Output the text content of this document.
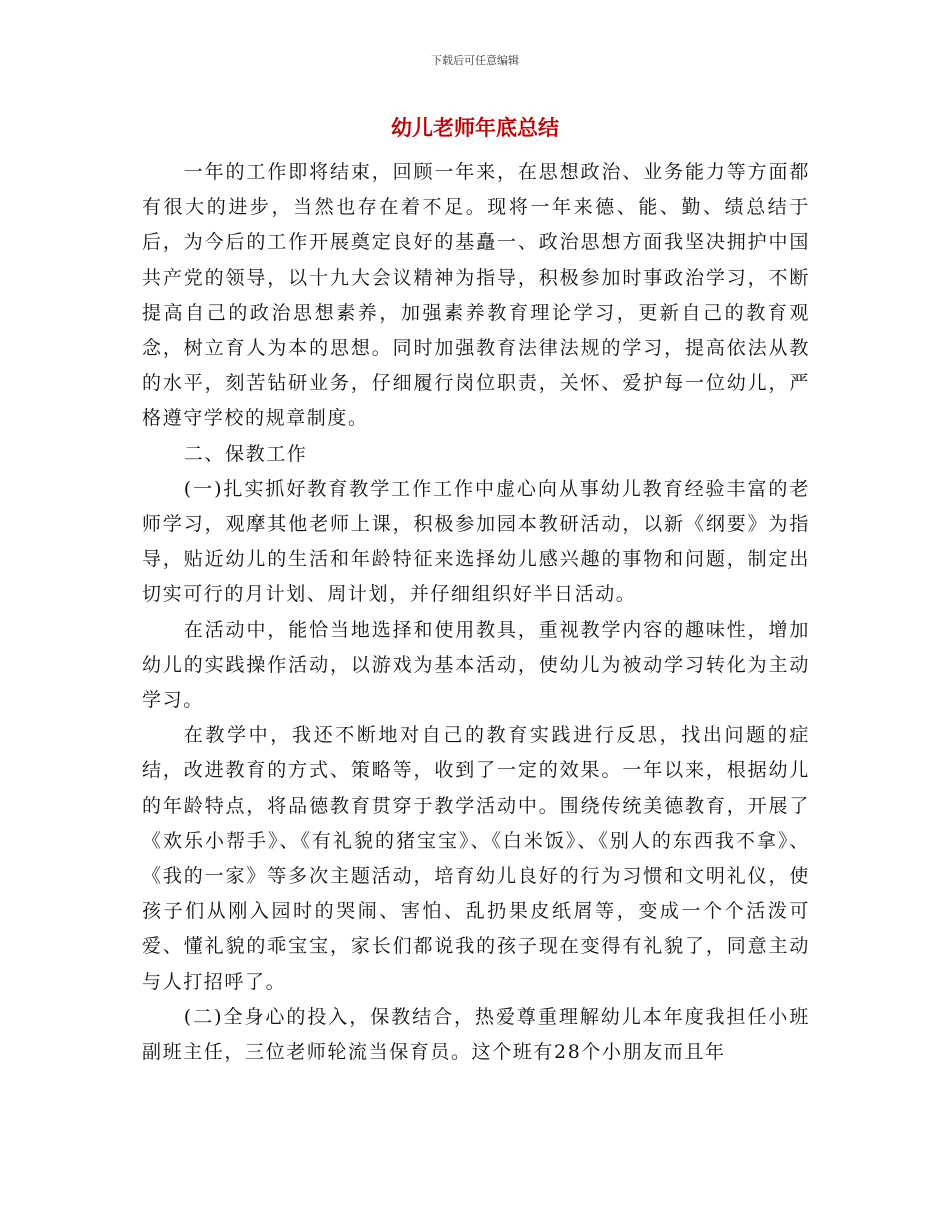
下载后可任意编辑
幼儿老师年底总结

一年的工作即将结束，回顾一年来，在思想政治、业务能力等方面都有很大的进步，当然也存在着不足。现将一年来德、能、勤、绩总结于后，为今后的工作开展奠定良好的基矗一、政治思想方面我坚决拥护中国共产党的领导，以十九大会议精神为指导，积极参加时事政治学习，不断提高自己的政治思想素养，加强素养教育理论学习，更新自己的教育观念，树立育人为本的思想。同时加强教育法律法规的学习，提高依法从教的水平，刻苦钻研业务，仔细履行岗位职责，关怀、爱护每一位幼儿，严格遵守学校的规章制度。

二、保教工作

(一)扎实抓好教育教学工作工作中虚心向从事幼儿教育经验丰富的老师学习，观摩其他老师上课，积极参加园本教研活动，以新《纲要》为指导，贴近幼儿的生活和年龄特征来选择幼儿感兴趣的事物和问题，制定出切实可行的月计划、周计划，并仔细组织好半日活动。

在活动中，能恰当地选择和使用教具，重视教学内容的趣味性，增加幼儿的实践操作活动，以游戏为基本活动，使幼儿为被动学习转化为主动学习。

在教学中，我还不断地对自己的教育实践进行反思，找出问题的症结，改进教育的方式、策略等，收到了一定的效果。一年以来，根据幼儿的年龄特点，将品德教育贯穿于教学活动中。围绕传统美德教育，开展了《欢乐小帮手》、《有礼貌的猪宝宝》、《白米饭》、《别人的东西我不拿》、《我的一家》等多次主题活动，培育幼儿良好的行为习惯和文明礼仪，使孩子们从刚入园时的哭闹、害怕、乱扔果皮纸屑等，变成一个个活泼可爱、懂礼貌的乖宝宝，家长们都说我的孩子现在变得有礼貌了，同意主动与人打招呼了。

(二)全身心的投入，保教结合，热爱尊重理解幼儿本年度我担任小班副班主任，三位老师轮流当保育员。这个班有28个小朋友而且年
